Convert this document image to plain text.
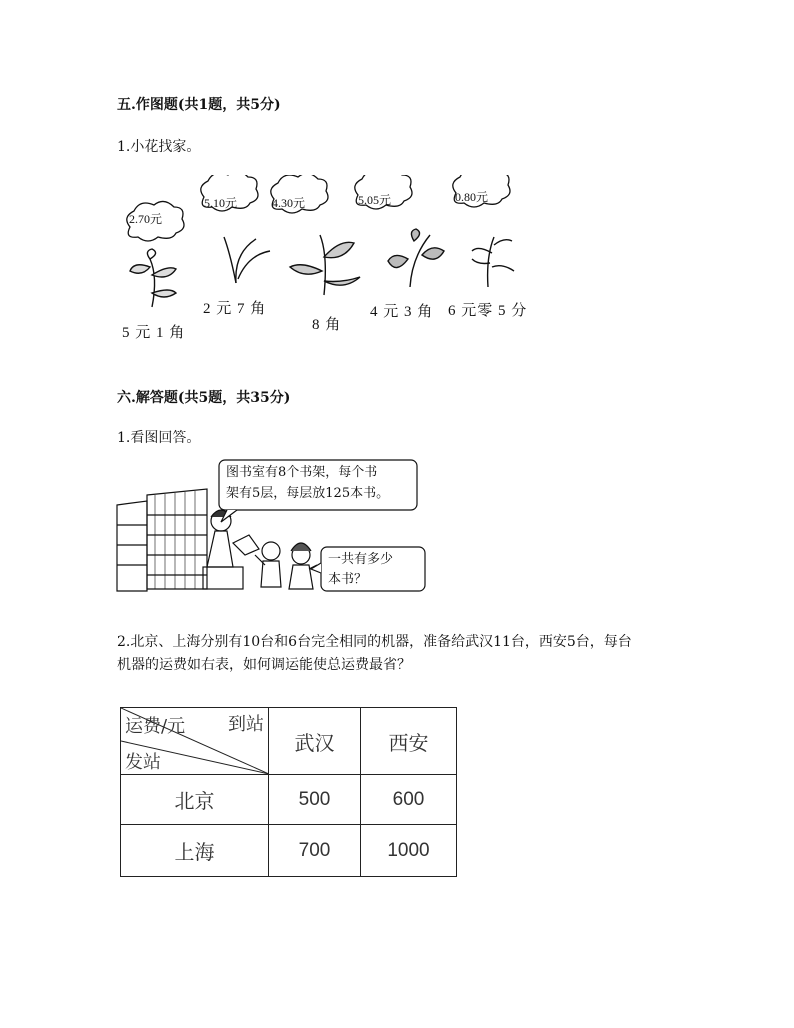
五.作图题(共1题，共5分)
1.小花找家。
2.70元
5.10元	4.30元	5.05元	0.80元
5 元 1 角
2 元 7 角
8 角
4 元 3 角 6 元零 5 分
六.解答题(共5题，共35分)
1.看图回答。
图书室有8个书架，每个书
架有5层，每层放125本书。
一共有多少
本书？
2.北京、上海分别有10台和6台完全相同的机器，准备给武汉11台，西安5台，每台
机器的运费如右表，如何调运能使总运费最省？
运费/元 到站
发站	武汉	西安
北京	500	600
上海	700	1000
